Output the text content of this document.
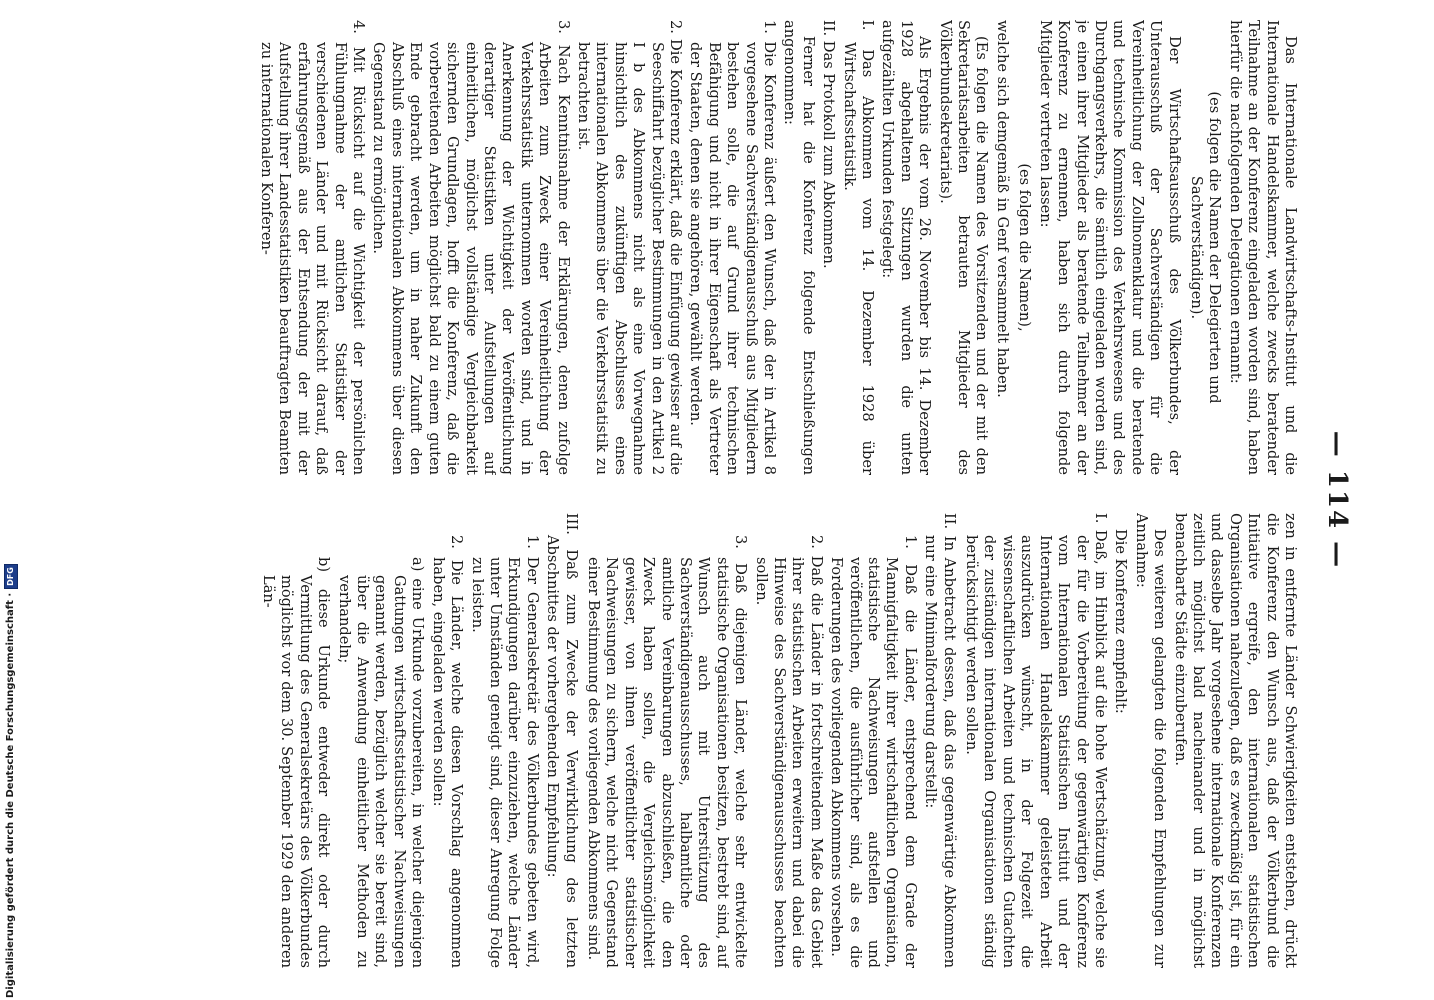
— 114 —

Das Internationale Landwirtschafts-Institut und die Internationale Handelskammer, welche zwecks beratender Teilnahme an der Konferenz eingeladen worden sind, haben hierfür die nachfolgenden Delegationen ernannt:

(es folgen die Namen der Delegierten und Sachverständigen).

Der Wirtschaftsausschuß des Völkerbundes, der Unterausschuß der Sachverständigen für die Vereinheitlichung der Zollnomenklatur und die beratende und technische Kommission des Verkehrswesens und des Durchgangsverkehrs, die sämtlich eingeladen worden sind, je einen ihrer Mitglieder als beratende Teilnehmer an der Konferenz zu ernennen, haben sich durch folgende Mitglieder vertreten lassen:

(es folgen die Namen),

welche sich demgemäß in Genf versammelt haben.

(Es folgen die Namen des Vorsitzenden und der mit den Sekretariatsarbeiten betrauten Mitglieder des Völkerbundsekretariats).

Als Ergebnis der vom 26. November bis 14. Dezember 1928 abgehaltenen Sitzungen wurden die unten aufgezählten Urkunden festgelegt:

I. Das Abkommen vom 14. Dezember 1928 über Wirtschaftsstatistik.

II. Das Protokoll zum Abkommen.

Ferner hat die Konferenz folgende Entschließungen angenommen:

1. Die Konferenz äußert den Wunsch, daß der in Artikel 8 vorgesehene Sachverständigenausschuß aus Mitgliedern bestehen solle, die auf Grund ihrer technischen Befähigung und nicht in ihrer Eigenschaft als Vertreter der Staaten, denen sie angehören, gewählt werden.

2. Die Konferenz erklärt, daß die Einfügung gewisser auf die Seeschiffahrt bezüglicher Bestimmungen in den Artikel 2 I b des Abkommens nicht als eine Vorwegnahme hinsichtlich des zukünftigen Abschlusses eines internationalen Abkommens über die Verkehrsstatistik zu betrachten ist.

3. Nach Kenntnisnahme der Erklärungen, denen zufolge Arbeiten zum Zweck einer Vereinheitlichung der Verkehrsstatistik unternommen worden sind, und in Anerkennung der Wichtigkeit der Veröffentlichung derartiger Statistiken unter Aufstellungen auf einheitlichen, möglichst vollständige Vergleichbarkeit sichernden Grundlagen, hofft die Konferenz, daß die vorbereitenden Arbeiten möglichst bald zu einem guten Ende gebracht werden, um in naher Zukunft den Abschluß eines internationalen Abkommens über diesen Gegenstand zu ermöglichen.

4. Mit Rücksicht auf die Wichtigkeit der persönlichen Fühlungnahme der amtlichen Statistiker der verschiedenen Länder und mit Rücksicht darauf, daß erfahrungsgemäß aus der Entsendung der mit der Aufstellung ihrer Landesstatistiken beauftragten Beamten zu internationalen Konferen-

zen in entfernte Länder Schwierigkeiten entstehen, drückt die Konferenz den Wunsch aus, daß der Völkerbund die Initiative ergreife, den internationalen statistischen Organisationen nahezulegen, daß es zweckmäßig ist, für ein und dasselbe Jahr vorgesehene internationale Konferenzen zeitlich möglichst bald nacheinander und in möglichst benachbarte Städte einzuberufen.

Des weiteren gelangten die folgenden Empfehlungen zur Annahme:

Die Konferenz empfiehlt:

I. Daß, im Hinblick auf die hohe Wertschätzung, welche sie der für die Vorbereitung der gegenwärtigen Konferenz vom Internationalen Statistischen Institut und der Internationalen Handelskammer geleisteten Arbeit auszudrücken wünscht, in der Folgezeit die wissenschaftlichen Arbeiten und technischen Gutachten der zuständigen internationalen Organisationen ständig berücksichtigt werden sollen.

II. In Anbetracht dessen, daß das gegenwärtige Abkommen nur eine Minimalforderung darstellt:

1. Daß die Länder, entsprechend dem Grade der Mannigfaltigkeit ihrer wirtschaftlichen Organisation, statistische Nachweisungen aufstellen und veröffentlichen, die ausführlicher sind, als es die Forderungen des vorliegenden Abkommens vorsehen.

2. Daß die Länder in fortschreitendem Maße das Gebiet ihrer statistischen Arbeiten erweitern und dabei die Hinweise des Sachverständigenausschusses beachten sollen.

3. Daß diejenigen Länder, welche sehr entwickelte statistische Organisationen besitzen, bestrebt sind, auf Wunsch auch mit Unterstützung des Sachverständigenausschusses, halbamtliche oder amtliche Vereinbarungen abzuschließen, die den Zweck haben sollen, die Vergleichsmöglichkeit gewisser, von ihnen veröffentlichter statistischer Nachweisungen zu sichern, welche nicht Gegenstand einer Bestimmung des vorliegenden Abkommens sind.

III. Daß zum Zwecke der Verwirklichung des letzten Abschnittes der vorhergehenden Empfehlung:

1. Der Generalsekretär des Völkerbundes gebeten wird, Erkundigungen darüber einzuziehen, welche Länder unter Umständen geneigt sind, dieser Anregung Folge zu leisten.

2. Die Länder, welche diesen Vorschlag angenommen haben, eingeladen werden sollen:

a) eine Urkunde vorzubereiten, in welcher diejenigen Gattungen wirtschaftsstatistischer Nachweisungen genannt werden, bezüglich welcher sie bereit sind, über die Anwendung einheitlicher Methoden zu verhandeln;

b) diese Urkunde entweder direkt oder durch Vermittlung des Generalsekretärs des Völkerbundes möglichst vor dem 30. September 1929 den anderen Län-

Digitalisierung gefördert durch die Deutsche Forschungsgemeinschaft ·
DFG
